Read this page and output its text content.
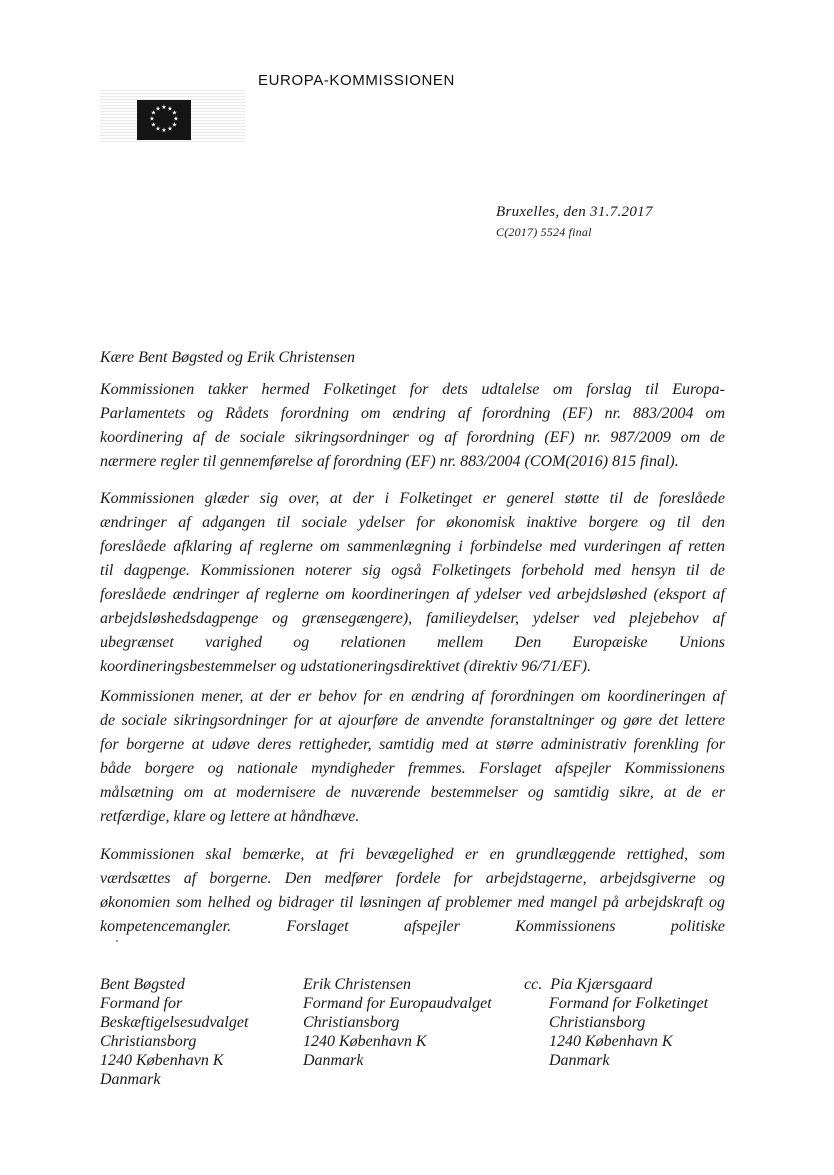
★ ★
★
★
★
★
★
★
★
★
★
★
EUROPA-KOMMISSIONEN
Bruxelles, den 31.7.2017
C(2017) 5524 final
Kære Bent Bøgsted og Erik Christensen
Kommissionen takker hermed Folketinget for dets udtalelse om forslag til Europa-
Parlamentets og Rådets forordning om ændring af forordning (EF) nr. 883/2004 om
koordinering af de sociale sikringsordninger og af forordning (EF) nr. 987/2009 om de
nærmere regler til gennemførelse af forordning (EF) nr. 883/2004 (COM(2016) 815 final).
Kommissionen glæder sig over, at der i Folketinget er generel støtte til de foreslåede
ændringer af adgangen til sociale ydelser for økonomisk inaktive borgere og til den
foreslåede afklaring af reglerne om sammenlægning i forbindelse med vurderingen af retten
til dagpenge. Kommissionen noterer sig også Folketingets forbehold med hensyn til de
foreslåede ændringer af reglerne om koordineringen af ydelser ved arbejdsløshed (eksport af
arbejdsløshedsdagpenge og grænsegængere), familieydelser, ydelser ved plejebehov af
ubegrænset varighed og relationen mellem Den Europæiske Unions
koordineringsbestemmelser og udstationeringsdirektivet (direktiv 96/71/EF).
Kommissionen mener, at der er behov for en ændring af forordningen om koordineringen af
de sociale sikringsordninger for at ajourføre de anvendte foranstaltninger og gøre det lettere
for borgerne at udøve deres rettigheder, samtidig med at større administrativ forenkling for
både borgere og nationale myndigheder fremmes. Forslaget afspejler Kommissionens
målsætning om at modernisere de nuværende bestemmelser og samtidig sikre, at de er
retfærdige, klare og lettere at håndhæve.
Kommissionen skal bemærke, at fri bevægelighed er en grundlæggende rettighed, som
værdsættes af borgerne. Den medfører fordele for arbejdstagerne, arbejdsgiverne og
økonomien som helhed og bidrager til løsningen af problemer med mangel på arbejdskraft og
kompetencemangler. Forslaget afspejler Kommissionens politiske
Bent Bøgsted
Formand for
Beskæftigelsesudvalget
Christiansborg
1240 København K
Danmark
Erik Christensen
Formand for Europaudvalget
Christiansborg
1240 København K
Danmark
cc. Pia Kjærsgaard
Formand for Folketinget
Christiansborg
1240 København K
Danmark
